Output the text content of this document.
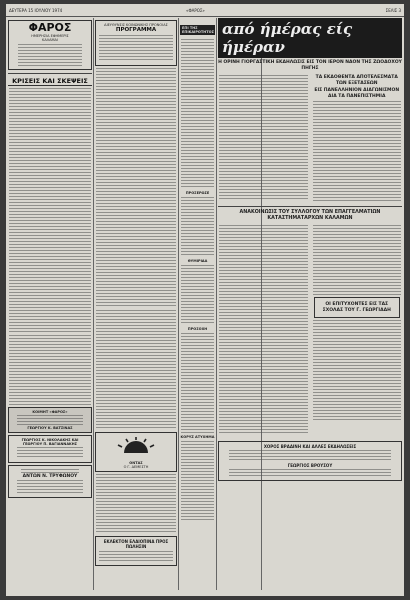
ΔΕΥΤΕΡΑ 15 ΙΟΥΛΙΟΥ 1974	«ΦΑΡΟΣ»	ΣΕΛΙΣ 3
ΦΑΡΟΣ
ΗΜΕΡΗΣΙΑ ΕΦΗΜΕΡΙΣ
ΚΑΛΑΜΑΙ
ΚΡΙΣΕΙΣ ΚΑΙ ΣΚΕΨΕΙΣ
ΚΟΙΜΗΤ «ΦΑΡΟΣ»
ΓΕΩΡΓΙΟΥ Κ. ΒΑΤΣΙΝΑΣ
ΓΕΩΡΓΙΟΣ Κ. ΝΙΚΟΛΑΚΗΣ ΚΑΙ
ΓΕΩΡΓΙΟΥ Π. ΒΑΓΙΑΝΝΑΚΗΣ
ΑΝΤΩΝ Ν. ΤΡΥΦΩΝΟΥ
ΔΙΕΥΘΥΝΣΙΣ ΚΟΙΝΩΝΙΚΗΣ ΠΡΟΝΟΙΑΣ
ΠΡΟΓΡΑΜΜΑ
ΟΝΤΑΣ
Ο Γ. ΔΕΜΕΣΤΗ
ΕΚΛΕΚΤΟΝ ΕΛΑΙΟΠΙΝΑ ΠΡΟΣ ΠΩΛΗΣΙΝ
ΕΠΙ ΤΗΣ ΕΠΙΚΑΙΡΟΤΗΤΟΣ
ΠΡΟΣΕΡΩΣΕ
ΘΥΜΙΡΙΔΑ
ΠΡΟΣΟΧΗ
ΚΟΡΥΖ ΑΤΥΧΗΜΑ
από ήμέρας είς ήμέραν
Η ΟΡΙΝΗ ΓΙΟΡΓΑΣΤΙΚΗ ΕΚΔΗΛΩΣΙΣ ΕΙΣ ΤΟΝ ΙΕΡΟΝ ΝΑΟΝ ΤΗΣ ΖΩΟΔΟΧΟΥ ΠΗΓΗΣ
ΤΑ ΕΚΔΟΘΕΝΤΑ ΑΠΟΤΕΛΕΣΜΑΤΑ ΤΩΝ ΕΞΕΤΑΣΕΩΝ
ΕΙΣ ΠΑΝΕΛΛΗΝΙΟΝ ΔΙΑΓΩΝΙΣΜΟΝ ΔΙΑ ΤΑ ΠΑΝΕΠΙΣΤΗΜΙΑ
ΑΝΑΚΟΙΝΩΣΙΣ ΤΟΥ ΣΥΛΛΟΓΟΥ ΤΩΝ ΕΠΑΓΓΕΛΜΑΤΙΩΝ ΚΑΤΑΣΤΗΜΑΤΑΡΧΩΝ ΚΑΛΑΜΩΝ
ΟΙ ΕΠΙΤΥΧΟΝΤΕΣ ΕΙΣ ΤΑΣ ΣΧΟΛΑΣ ΤΟΥ Γ. ΓΕΩΡΓΙΑΔΗ
ΧΟΡΟΣ ΒΡΑΔΙΝΗ ΚΑΙ ΑΛΛΕΣ ΕΚΔΗΛΩΣΕΙΣ
ΓΕΩΡΓΙΟΣ ΒΡΟΥΣΟΥ
